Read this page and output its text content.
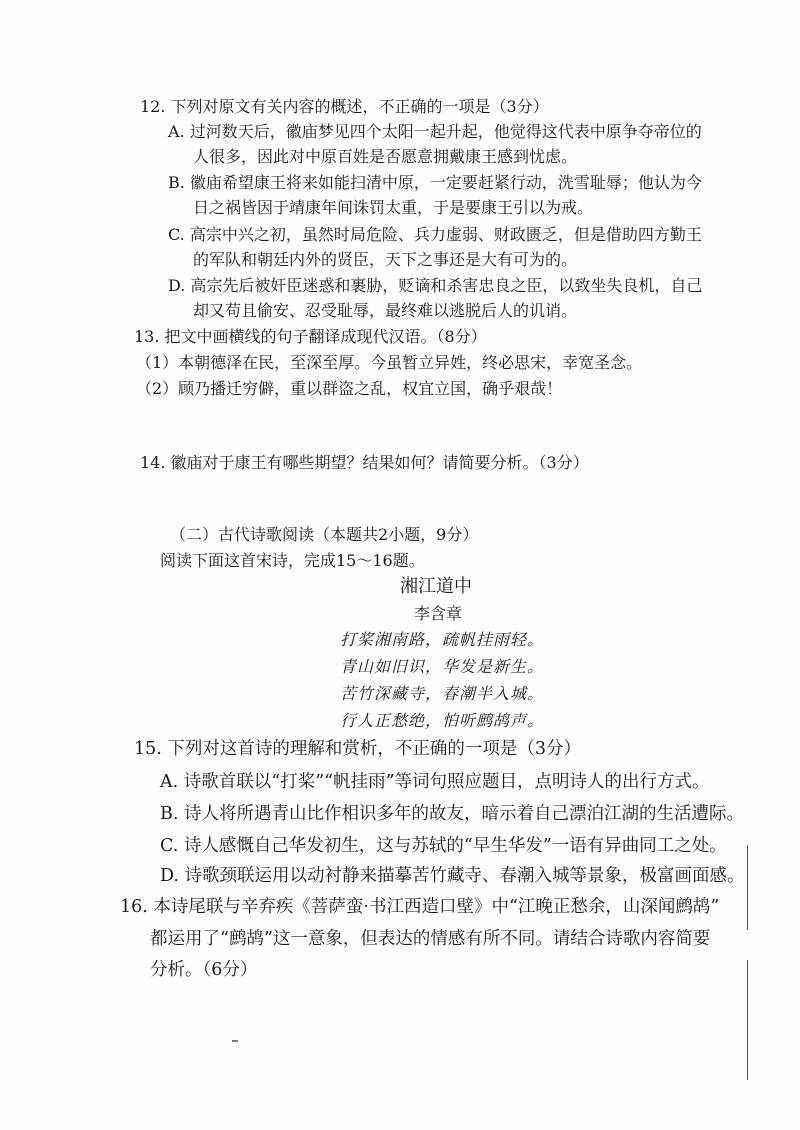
12. 下列对原文有关内容的概述，不正确的一项是（3分）
A. 过河数天后，徽庙梦见四个太阳一起升起，他觉得这代表中原争夺帝位的
人很多，因此对中原百姓是否愿意拥戴康王感到忧虑。
B. 徽庙希望康王将来如能扫清中原，一定要赶紧行动，洗雪耻辱；他认为今
日之祸皆因于靖康年间诛罚太重，于是要康王引以为戒。
C. 高宗中兴之初，虽然时局危险、兵力虚弱、财政匮乏，但是借助四方勤王
的军队和朝廷内外的贤臣，天下之事还是大有可为的。
D. 高宗先后被奸臣迷惑和裹胁，贬谪和杀害忠良之臣，以致坐失良机，自己
却又苟且偷安、忍受耻辱，最终难以逃脱后人的讥诮。
13. 把文中画横线的句子翻译成现代汉语。（8分）
（1）本朝德泽在民，至深至厚。今虽暂立异姓，终必思宋，幸宽圣念。
（2）顾乃播迁穷僻，重以群盗之乱，权宜立国，确乎艰哉！
14. 徽庙对于康王有哪些期望？结果如何？请简要分析。（3分）
（二）古代诗歌阅读（本题共2小题，9分）
阅读下面这首宋诗，完成15～16题。
湘江道中
李含章
打桨湘南路，疏帆挂雨轻。
青山如旧识，华发是新生。
苦竹深藏寺，春潮半入城。
行人正愁绝，怕听鹧鸪声。
15. 下列对这首诗的理解和赏析，不正确的一项是（3分）
A. 诗歌首联以“打桨”“帆挂雨”等词句照应题目，点明诗人的出行方式。
B. 诗人将所遇青山比作相识多年的故友，暗示着自己漂泊江湖的生活遭际。
C. 诗人感慨自己华发初生，这与苏轼的“早生华发”一语有异曲同工之处。
D. 诗歌颈联运用以动衬静来描摹苦竹藏寺、春潮入城等景象，极富画面感。
16. 本诗尾联与辛弃疾《菩萨蛮·书江西造口壁》中“江晚正愁余，山深闻鹧鸪”
都运用了“鹧鸪”这一意象，但表达的情感有所不同。请结合诗歌内容简要
分析。（6分）
